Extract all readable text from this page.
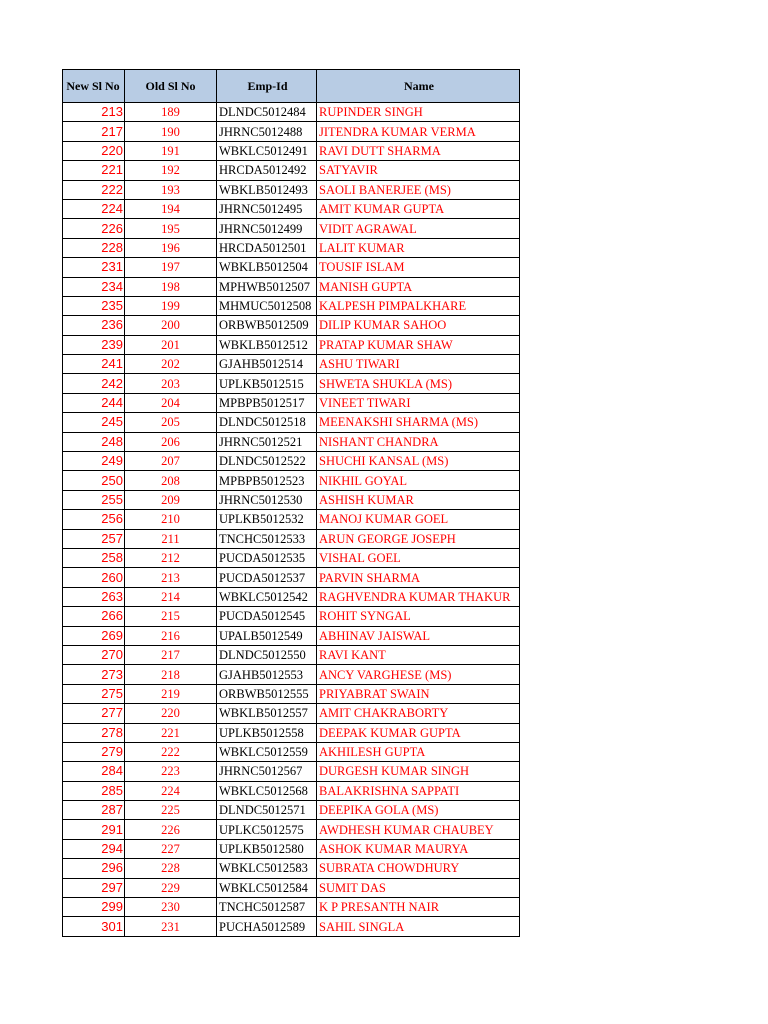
New Sl No	Old Sl No	Emp-Id	Name
213	189	DLNDC5012484	RUPINDER SINGH
217	190	JHRNC5012488	JITENDRA KUMAR VERMA
220	191	WBKLC5012491	RAVI DUTT SHARMA
221	192	HRCDA5012492	SATYAVIR
222	193	WBKLB5012493	SAOLI BANERJEE (MS)
224	194	JHRNC5012495	AMIT KUMAR GUPTA
226	195	JHRNC5012499	VIDIT AGRAWAL
228	196	HRCDA5012501	LALIT KUMAR
231	197	WBKLB5012504	TOUSIF ISLAM
234	198	MPHWB5012507	MANISH GUPTA
235	199	MHMUC5012508	KALPESH PIMPALKHARE
236	200	ORBWB5012509	DILIP KUMAR SAHOO
239	201	WBKLB5012512	PRATAP KUMAR SHAW
241	202	GJAHB5012514	ASHU TIWARI
242	203	UPLKB5012515	SHWETA SHUKLA (MS)
244	204	MPBPB5012517	VINEET TIWARI
245	205	DLNDC5012518	MEENAKSHI SHARMA (MS)
248	206	JHRNC5012521	NISHANT CHANDRA
249	207	DLNDC5012522	SHUCHI KANSAL (MS)
250	208	MPBPB5012523	NIKHIL GOYAL
255	209	JHRNC5012530	ASHISH KUMAR
256	210	UPLKB5012532	MANOJ KUMAR GOEL
257	211	TNCHC5012533	ARUN GEORGE JOSEPH
258	212	PUCDA5012535	VISHAL GOEL
260	213	PUCDA5012537	PARVIN SHARMA
263	214	WBKLC5012542	RAGHVENDRA KUMAR THAKUR
266	215	PUCDA5012545	ROHIT SYNGAL
269	216	UPALB5012549	ABHINAV JAISWAL
270	217	DLNDC5012550	RAVI KANT
273	218	GJAHB5012553	ANCY VARGHESE (MS)
275	219	ORBWB5012555	PRIYABRAT SWAIN
277	220	WBKLB5012557	AMIT CHAKRABORTY
278	221	UPLKB5012558	DEEPAK KUMAR GUPTA
279	222	WBKLC5012559	AKHILESH GUPTA
284	223	JHRNC5012567	DURGESH KUMAR SINGH
285	224	WBKLC5012568	BALAKRISHNA SAPPATI
287	225	DLNDC5012571	DEEPIKA GOLA (MS)
291	226	UPLKC5012575	AWDHESH KUMAR CHAUBEY
294	227	UPLKB5012580	ASHOK KUMAR MAURYA
296	228	WBKLC5012583	SUBRATA CHOWDHURY
297	229	WBKLC5012584	SUMIT DAS
299	230	TNCHC5012587	K P PRESANTH NAIR
301	231	PUCHA5012589	SAHIL SINGLA
